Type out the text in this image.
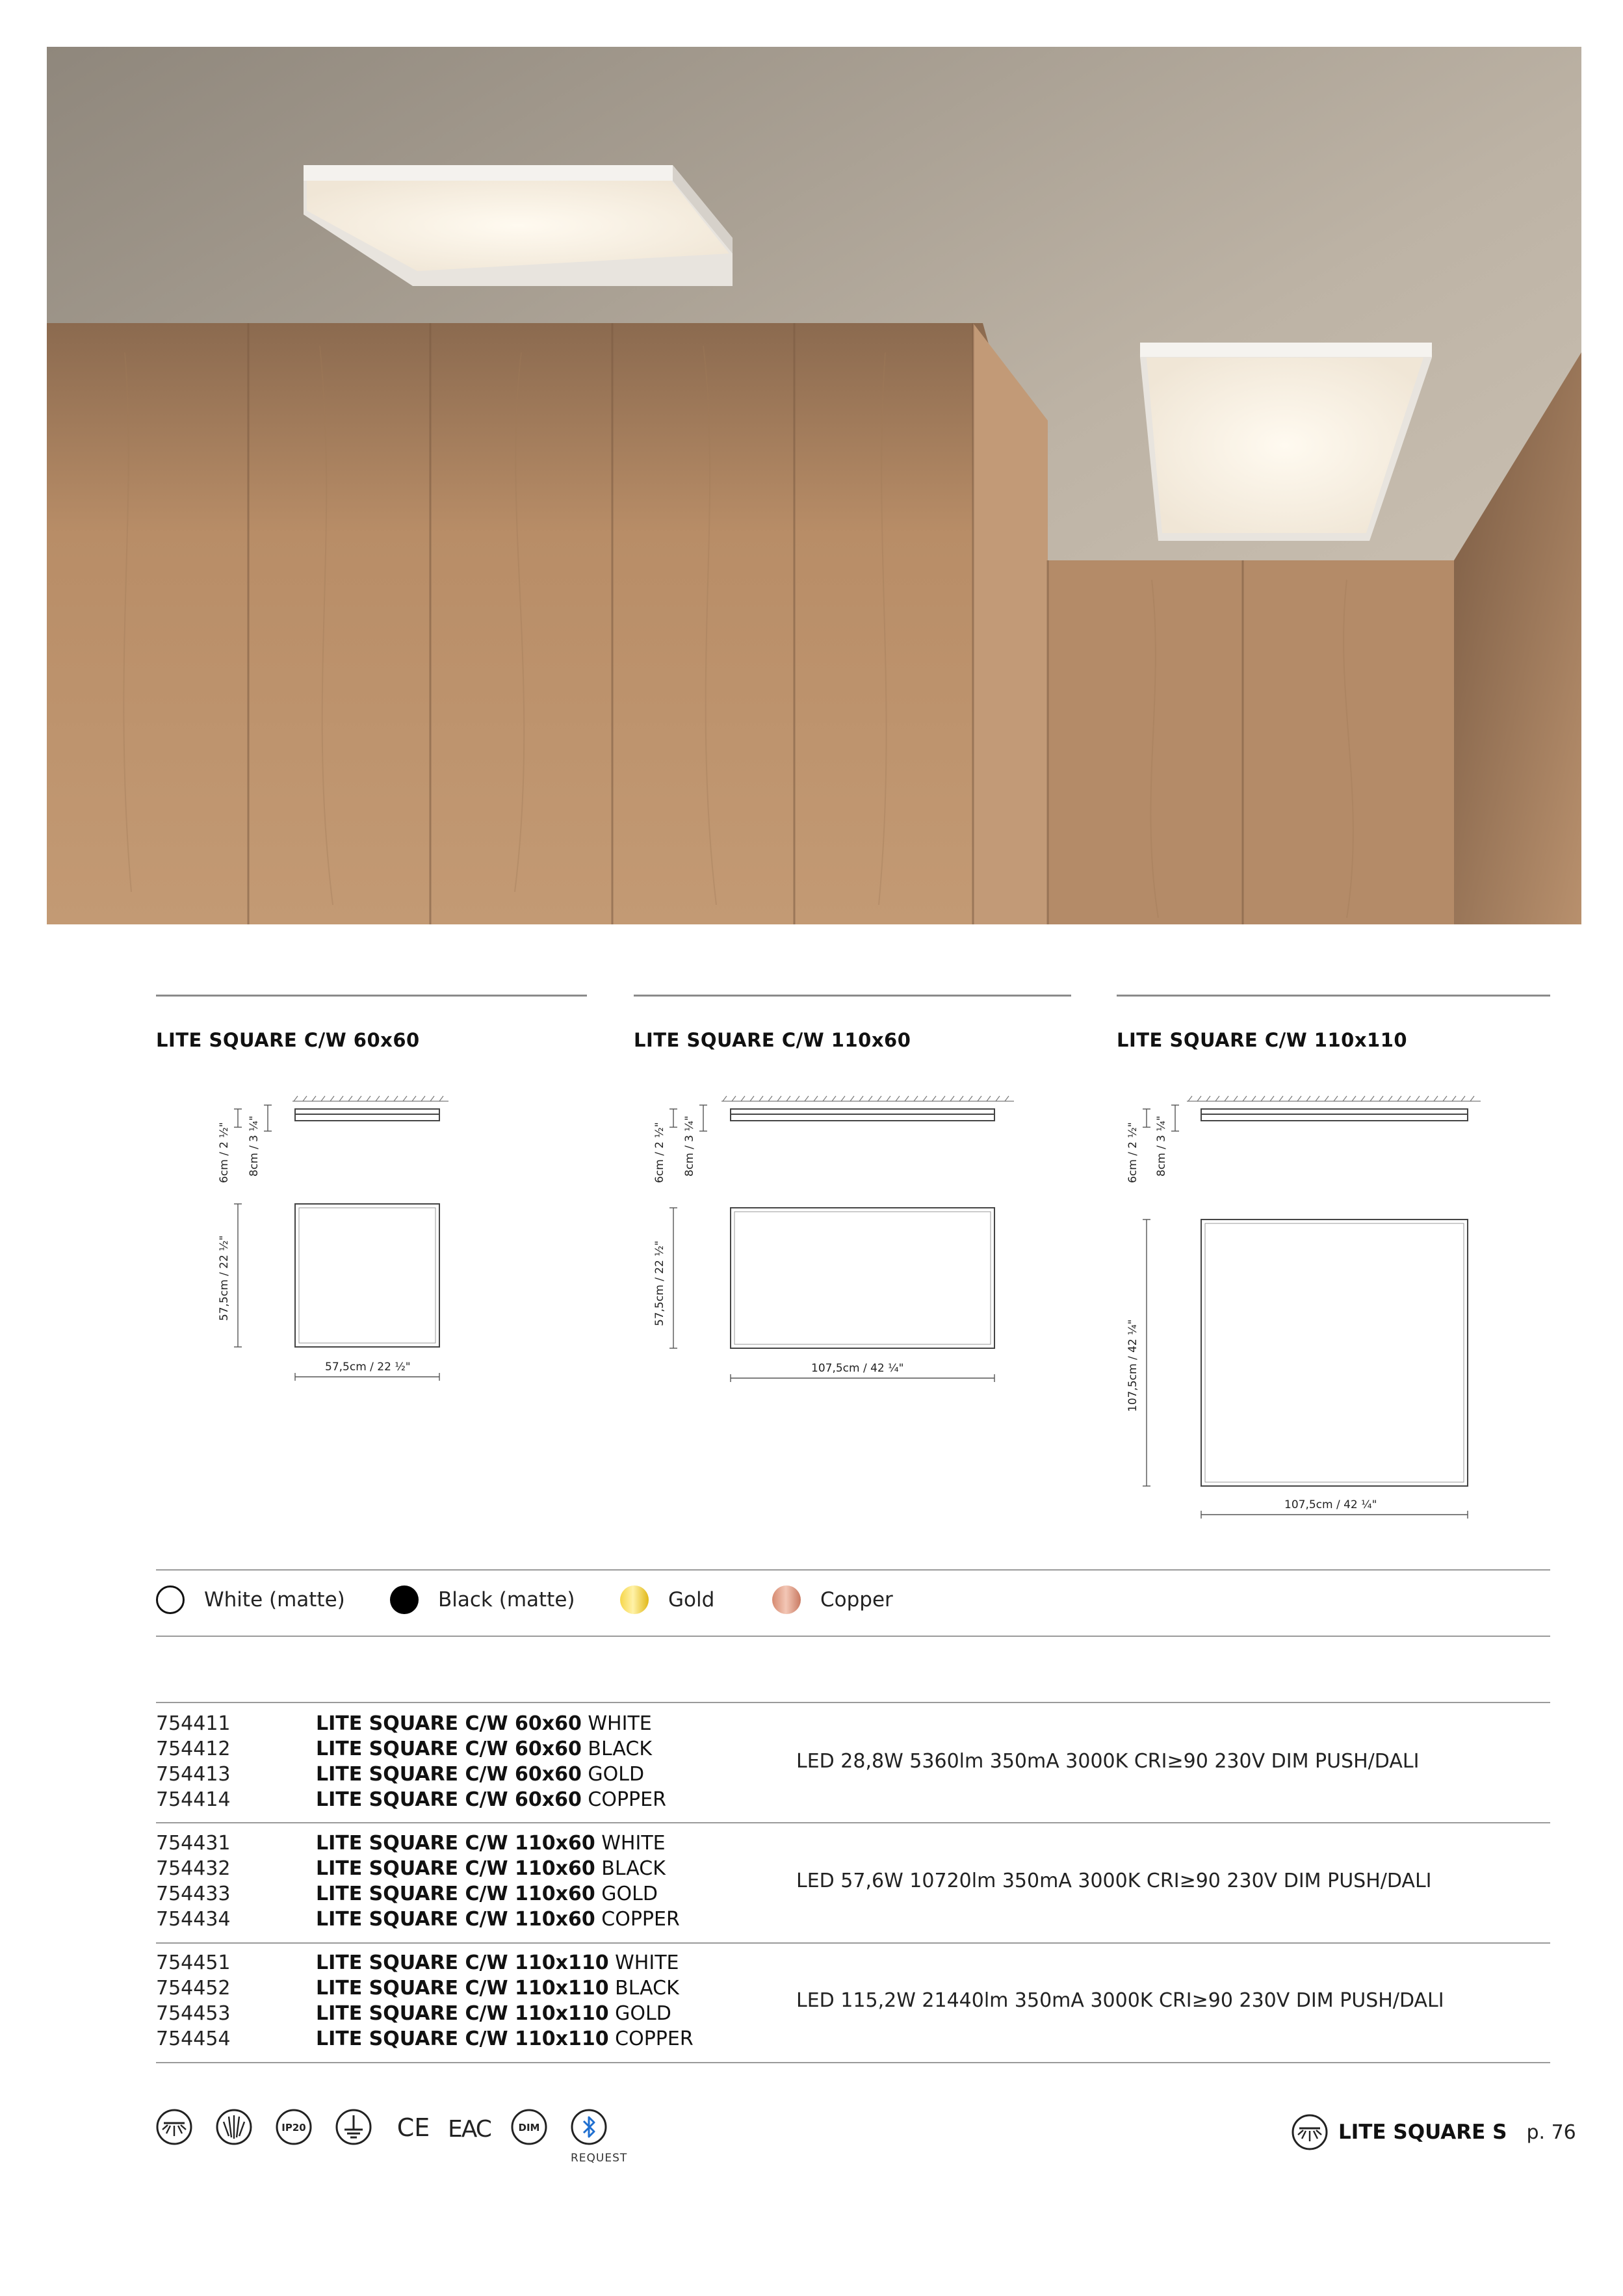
LITE SQUARE C/W 60x60	LITE SQUARE C/W 110x60	LITE SQUARE C/W 110x110
6cm / 2 ½" 8cm / 3 ¼"
57,5cm / 22 ½"
57,5cm / 22 ½"
6cm / 2 ½" 8cm / 3 ¼"
57,5cm / 22 ½"
107,5cm / 42 ¼"
6cm / 2 ½" 8cm / 3 ¼"
107,5cm / 42 ¼"
107,5cm / 42 ¼"
White (matte)	Black (matte)	Gold	Copper
754411	LITE SQUARE C/W 60x60 WHITE
754412	LITE SQUARE C/W 60x60 BLACK
754413	LITE SQUARE C/W 60x60 GOLD
754414	LITE SQUARE C/W 60x60 COPPER
LED 28,8W 5360lm 350mA 3000K CRI≥90 230V DIM PUSH/DALI
754431	LITE SQUARE C/W 110x60 WHITE
754432	LITE SQUARE C/W 110x60 BLACK
754433	LITE SQUARE C/W 110x60 GOLD
754434	LITE SQUARE C/W 110x60 COPPER
LED 57,6W 10720lm 350mA 3000K CRI≥90 230V DIM PUSH/DALI
754451	LITE SQUARE C/W 110x110 WHITE
754452	LITE SQUARE C/W 110x110 BLACK
754453	LITE SQUARE C/W 110x110 GOLD
754454	LITE SQUARE C/W 110x110 COPPER
LED 115,2W 21440lm 350mA 3000K CRI≥90 230V DIM PUSH/DALI
IP20	CE EAC	DIM
REQUEST
LITE SQUARE S p. 76
